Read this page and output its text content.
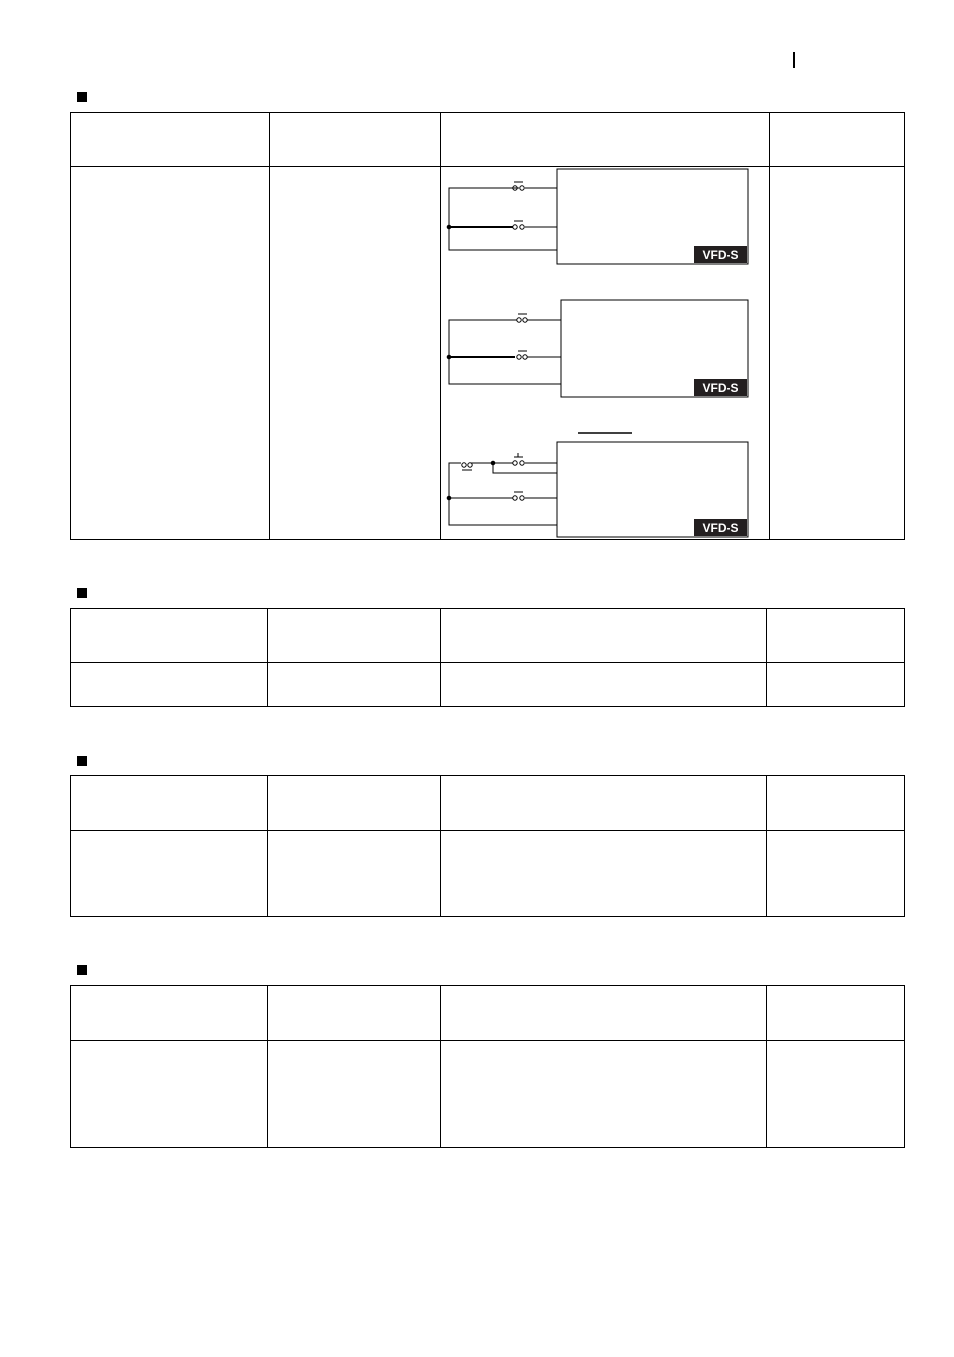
VFD-S
VFD-S
VFD-S
